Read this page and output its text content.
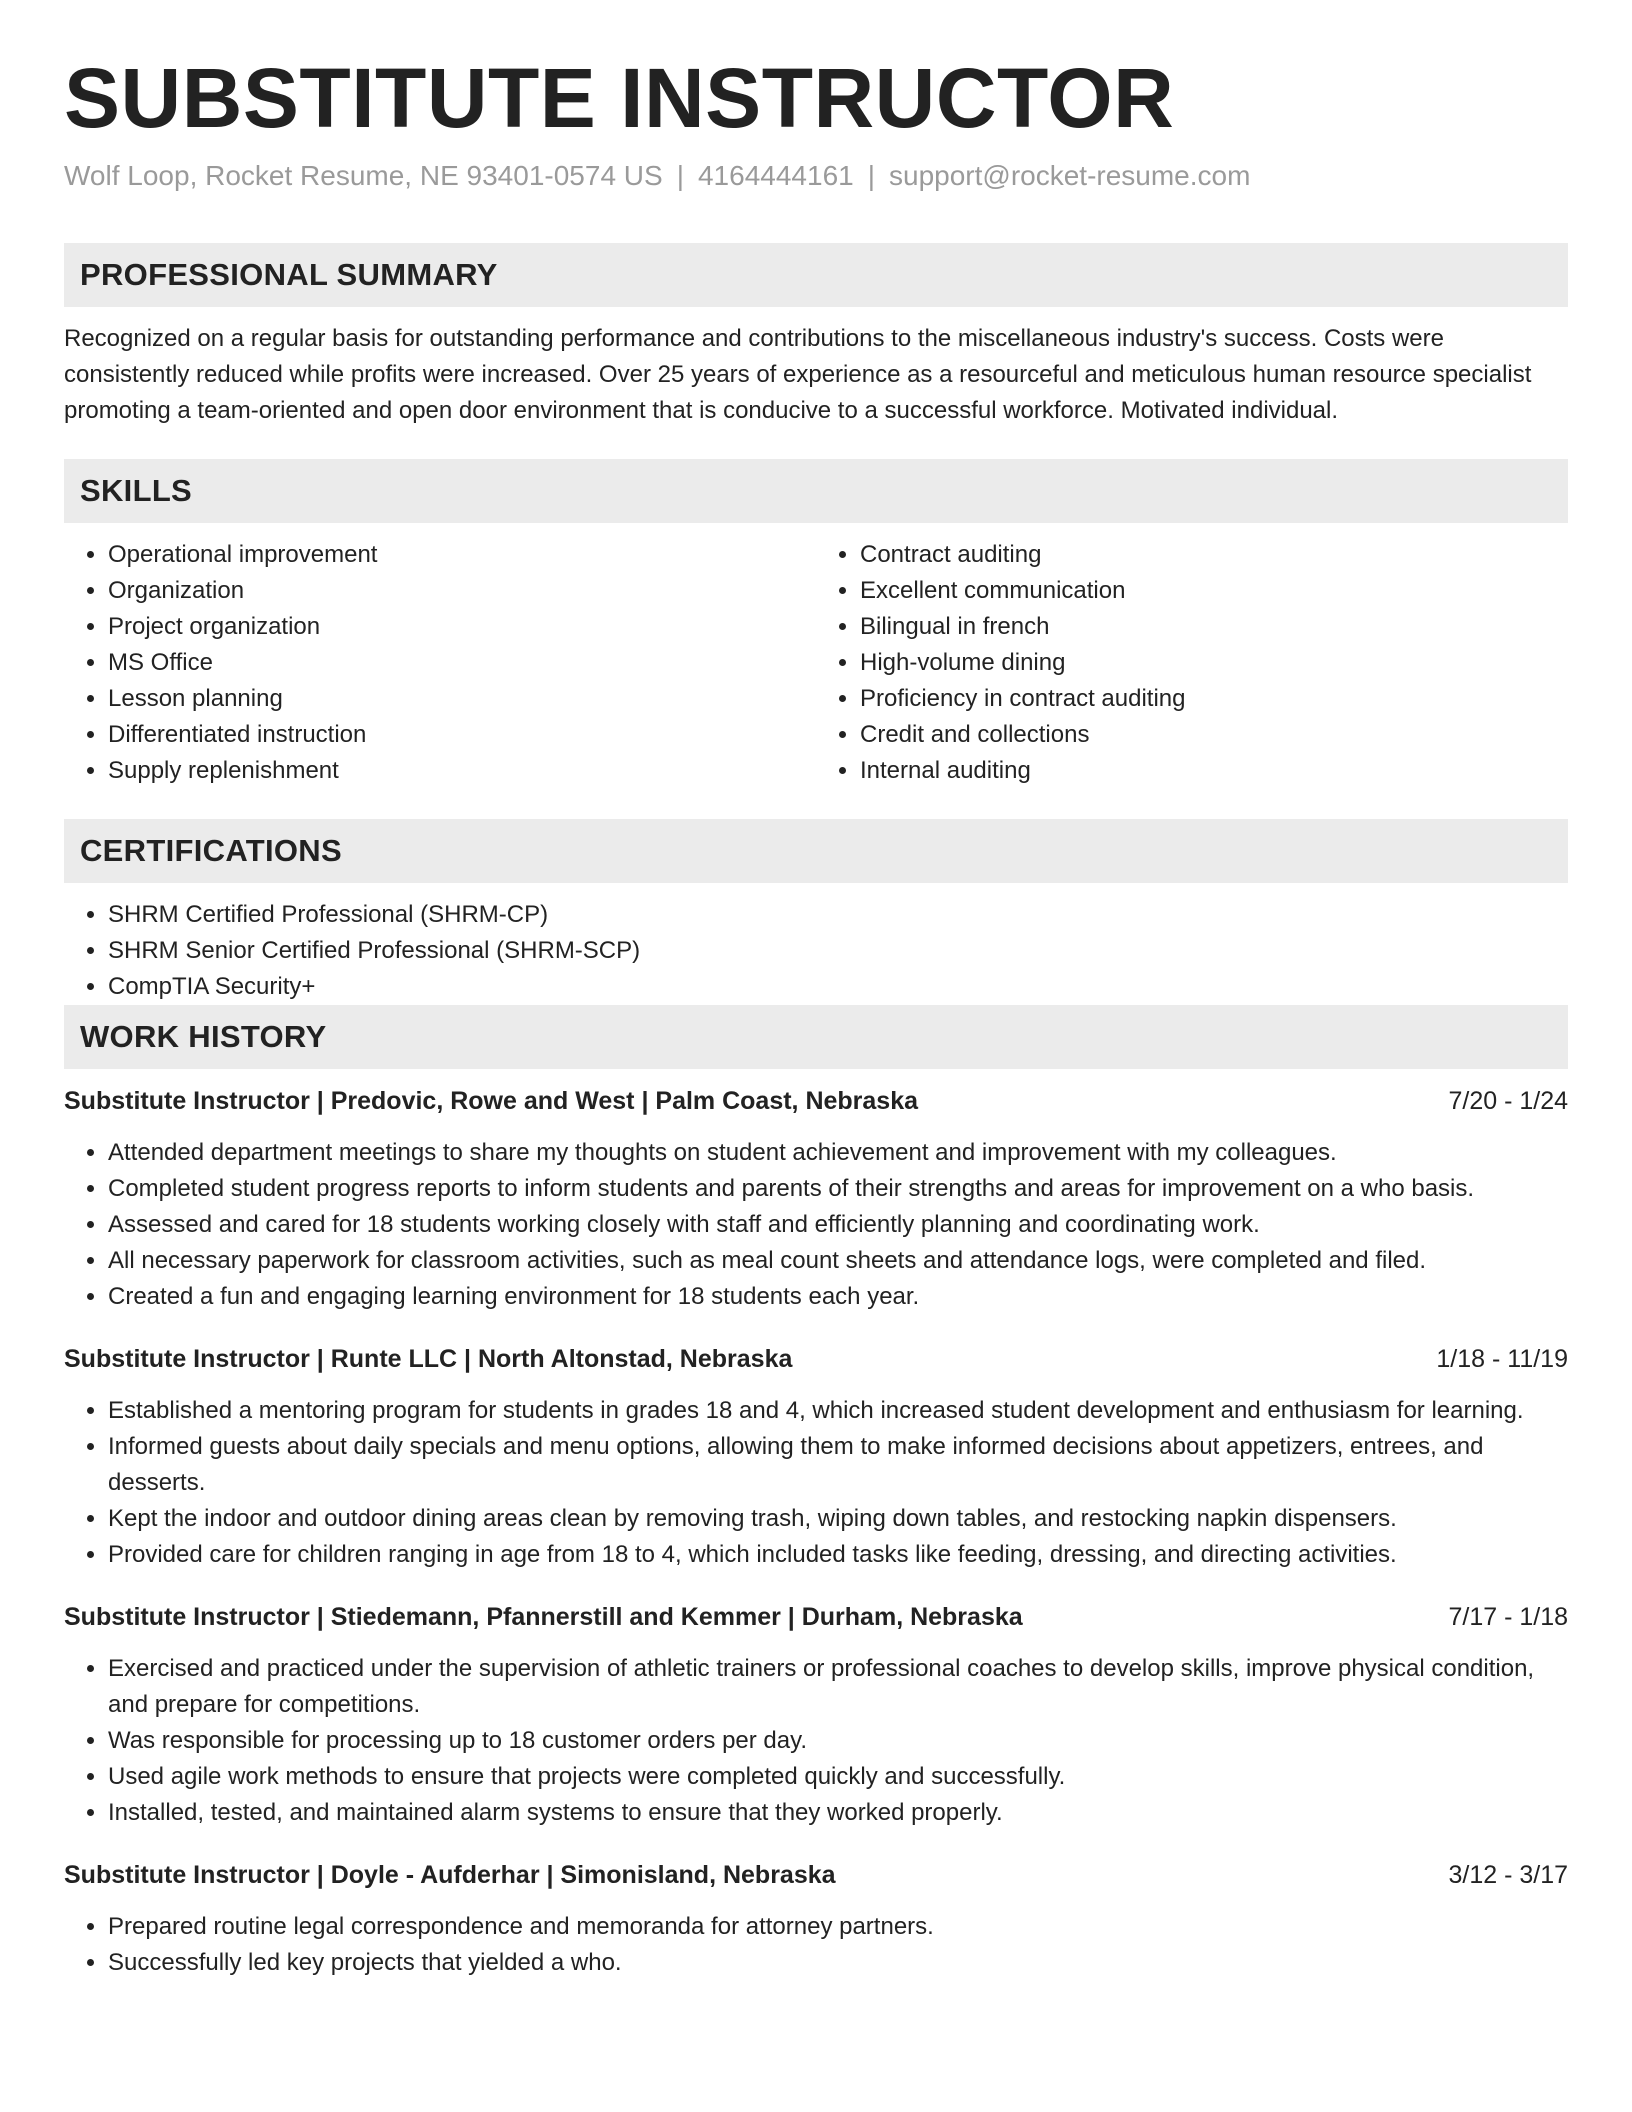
SUBSTITUTE INSTRUCTOR
Wolf Loop, Rocket Resume, NE 93401-0574 US | 4164444161 | support@rocket-resume.com
PROFESSIONAL SUMMARY

Recognized on a regular basis for outstanding performance and contributions to the miscellaneous industry's success. Costs were consistently reduced while profits were increased. Over 25 years of experience as a resourceful and meticulous human resource specialist promoting a team-oriented and open door environment that is conducive to a successful workforce. Motivated individual.

SKILLS
• Operational improvement
• Organization
• Project organization
• MS Office
• Lesson planning
• Differentiated instruction
• Supply replenishment
• Contract auditing
• Excellent communication
• Bilingual in french
• High-volume dining
• Proficiency in contract auditing
• Credit and collections
• Internal auditing
CERTIFICATIONS
• SHRM Certified Professional (SHRM-CP)
• SHRM Senior Certified Professional (SHRM-SCP)
• CompTIA Security+
WORK HISTORY
Substitute Instructor | Predovic, Rowe and West | Palm Coast, Nebraska	7/20 - 1/24
• Attended department meetings to share my thoughts on student achievement and improvement with my colleagues.
• Completed student progress reports to inform students and parents of their strengths and areas for improvement on a who basis.
• Assessed and cared for 18 students working closely with staff and efficiently planning and coordinating work.
• All necessary paperwork for classroom activities, such as meal count sheets and attendance logs, were completed and filed.
• Created a fun and engaging learning environment for 18 students each year.
Substitute Instructor | Runte LLC | North Altonstad, Nebraska	1/18 - 11/19
• Established a mentoring program for students in grades 18 and 4, which increased student development and enthusiasm for learning.
• Informed guests about daily specials and menu options, allowing them to make informed decisions about appetizers, entrees, and desserts.
• Kept the indoor and outdoor dining areas clean by removing trash, wiping down tables, and restocking napkin dispensers.
• Provided care for children ranging in age from 18 to 4, which included tasks like feeding, dressing, and directing activities.
Substitute Instructor | Stiedemann, Pfannerstill and Kemmer | Durham, Nebraska	7/17 - 1/18
• Exercised and practiced under the supervision of athletic trainers or professional coaches to develop skills, improve physical condition, and prepare for competitions.
• Was responsible for processing up to 18 customer orders per day.
• Used agile work methods to ensure that projects were completed quickly and successfully.
• Installed, tested, and maintained alarm systems to ensure that they worked properly.
Substitute Instructor | Doyle - Aufderhar | Simonisland, Nebraska	3/12 - 3/17
• Prepared routine legal correspondence and memoranda for attorney partners.
• Successfully led key projects that yielded a who.
